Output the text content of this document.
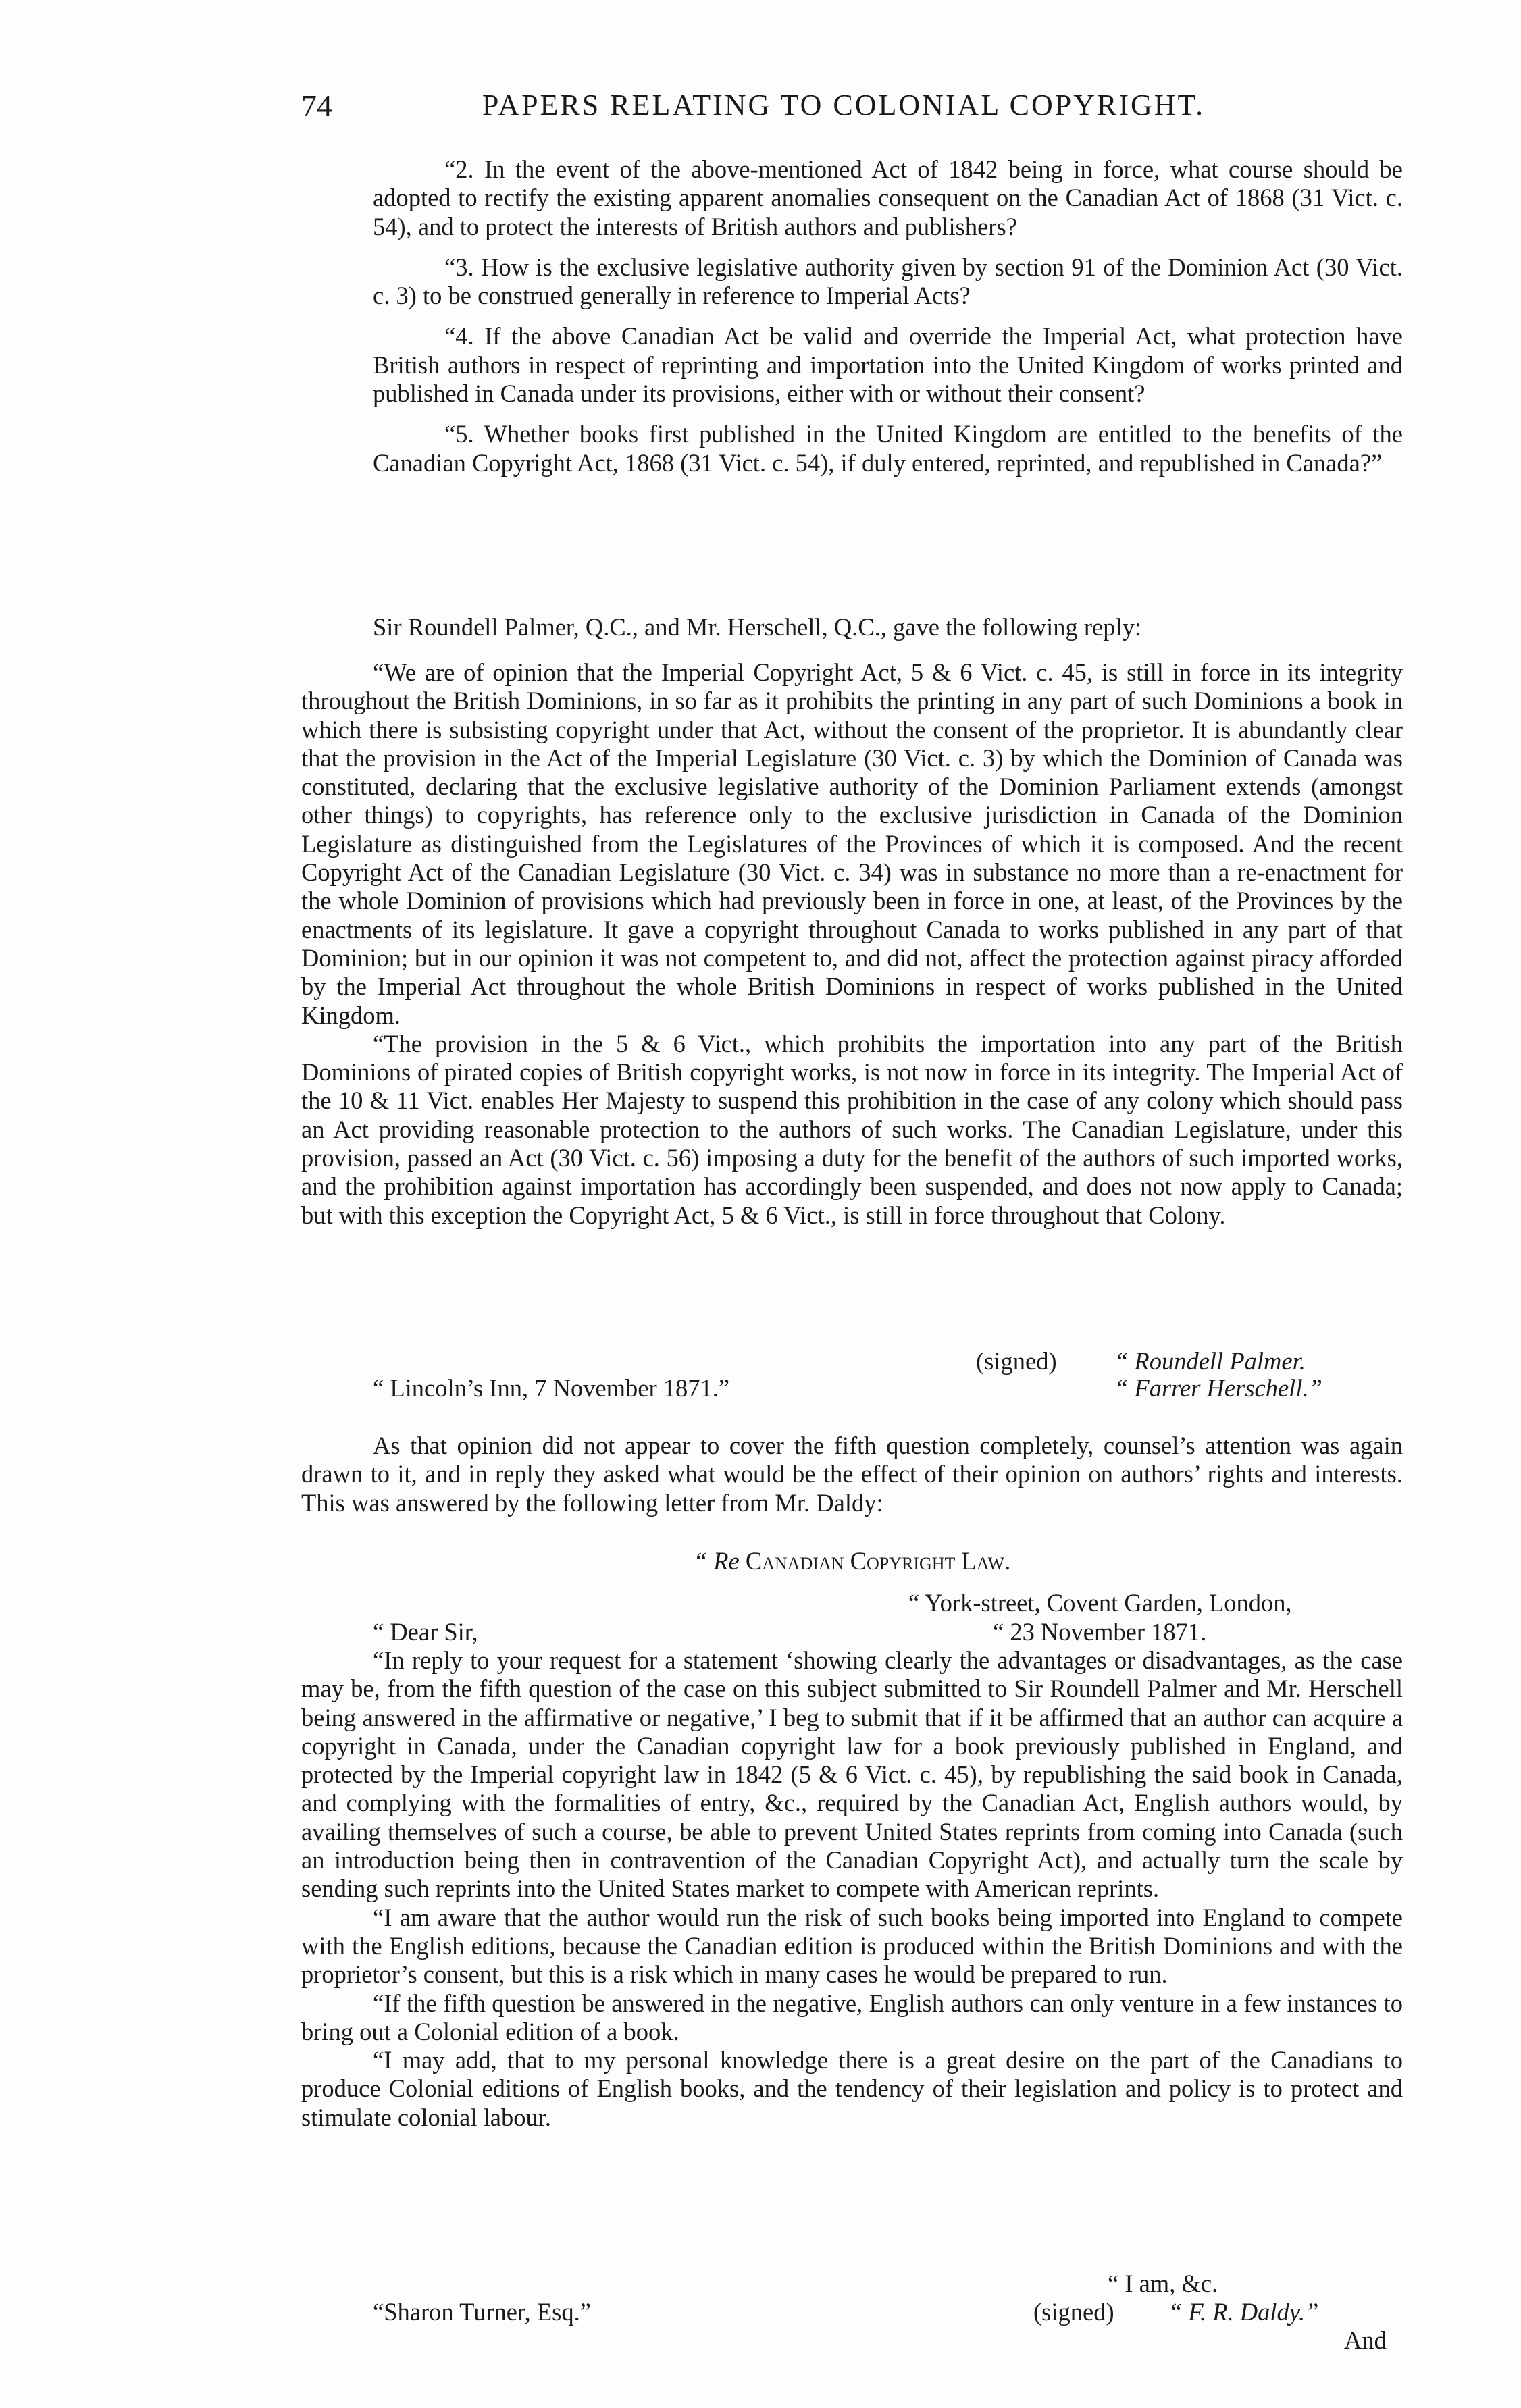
74	PAPERS RELATING TO COLONIAL COPYRIGHT.

“2. In the event of the above-mentioned Act of 1842 being in force, what course should be adopted to rectify the existing apparent anomalies consequent on the Canadian Act of 1868 (31 Vict. c. 54), and to protect the interests of British authors and publishers?

“3. How is the exclusive legislative authority given by section 91 of the Dominion Act (30 Vict. c. 3) to be construed generally in reference to Imperial Acts?

“4. If the above Canadian Act be valid and override the Imperial Act, what protection have British authors in respect of reprinting and importation into the United Kingdom of works printed and published in Canada under its provisions, either with or without their consent?

“5. Whether books first published in the United Kingdom are entitled to the benefits of the Canadian Copyright Act, 1868 (31 Vict. c. 54), if duly entered, reprinted, and republished in Canada?”

Sir Roundell Palmer, Q.C., and Mr. Herschell, Q.C., gave the following reply:

“We are of opinion that the Imperial Copyright Act, 5 & 6 Vict. c. 45, is still in force in its integrity throughout the British Dominions, in so far as it prohibits the printing in any part of such Dominions a book in which there is subsisting copyright under that Act, without the consent of the proprietor. It is abundantly clear that the provision in the Act of the Imperial Legislature (30 Vict. c. 3) by which the Dominion of Canada was constituted, declaring that the exclusive legislative authority of the Dominion Parliament extends (amongst other things) to copyrights, has reference only to the exclusive jurisdiction in Canada of the Dominion Legislature as distinguished from the Legislatures of the Provinces of which it is composed. And the recent Copyright Act of the Canadian Legislature (30 Vict. c. 34) was in substance no more than a re-enactment for the whole Dominion of provisions which had previously been in force in one, at least, of the Provinces by the enactments of its legislature. It gave a copyright throughout Canada to works published in any part of that Dominion; but in our opinion it was not competent to, and did not, affect the protection against piracy afforded by the Imperial Act throughout the whole British Dominions in respect of works published in the United Kingdom.

“The provision in the 5 & 6 Vict., which prohibits the importation into any part of the British Dominions of pirated copies of British copyright works, is not now in force in its integrity. The Imperial Act of the 10 & 11 Vict. enables Her Majesty to suspend this prohibition in the case of any colony which should pass an Act providing reasonable protection to the authors of such works. The Canadian Legislature, under this provision, passed an Act (30 Vict. c. 56) imposing a duty for the benefit of the authors of such imported works, and the prohibition against importation has accordingly been suspended, and does not now apply to Canada; but with this exception the Copyright Act, 5 & 6 Vict., is still in force throughout that Colony.

(signed) “ Roundell Palmer.
“ Lincoln’s Inn, 7 November 1871.”	“ Farrer Herschell.”

As that opinion did not appear to cover the fifth question completely, counsel’s attention was again drawn to it, and in reply they asked what would be the effect of their opinion on authors’ rights and interests. This was answered by the following letter from Mr. Daldy:

“ Re Canadian Copyright Law.
“ York-street, Covent Garden, London,
“ Dear Sir,	“ 23 November 1871.

“In reply to your request for a statement ‘showing clearly the advantages or disadvantages, as the case may be, from the fifth question of the case on this subject submitted to Sir Roundell Palmer and Mr. Herschell being answered in the affirmative or negative,’ I beg to submit that if it be affirmed that an author can acquire a copyright in Canada, under the Canadian copyright law for a book previously published in England, and protected by the Imperial copyright law in 1842 (5 & 6 Vict. c. 45), by republishing the said book in Canada, and complying with the formalities of entry, &c., required by the Canadian Act, English authors would, by availing themselves of such a course, be able to prevent United States reprints from coming into Canada (such an introduction being then in contravention of the Canadian Copyright Act), and actually turn the scale by sending such reprints into the United States market to compete with American reprints.

“I am aware that the author would run the risk of such books being imported into England to compete with the English editions, because the Canadian edition is produced within the British Dominions and with the proprietor’s consent, but this is a risk which in many cases he would be prepared to run.

“If the fifth question be answered in the negative, English authors can only venture in a few instances to bring out a Colonial edition of a book.

“I may add, that to my personal knowledge there is a great desire on the part of the Canadians to produce Colonial editions of English books, and the tendency of their legislation and policy is to protect and stimulate colonial labour.

“ I am, &c.
“Sharon Turner, Esq.”	(signed) “ F. R. Daldy.”
And
